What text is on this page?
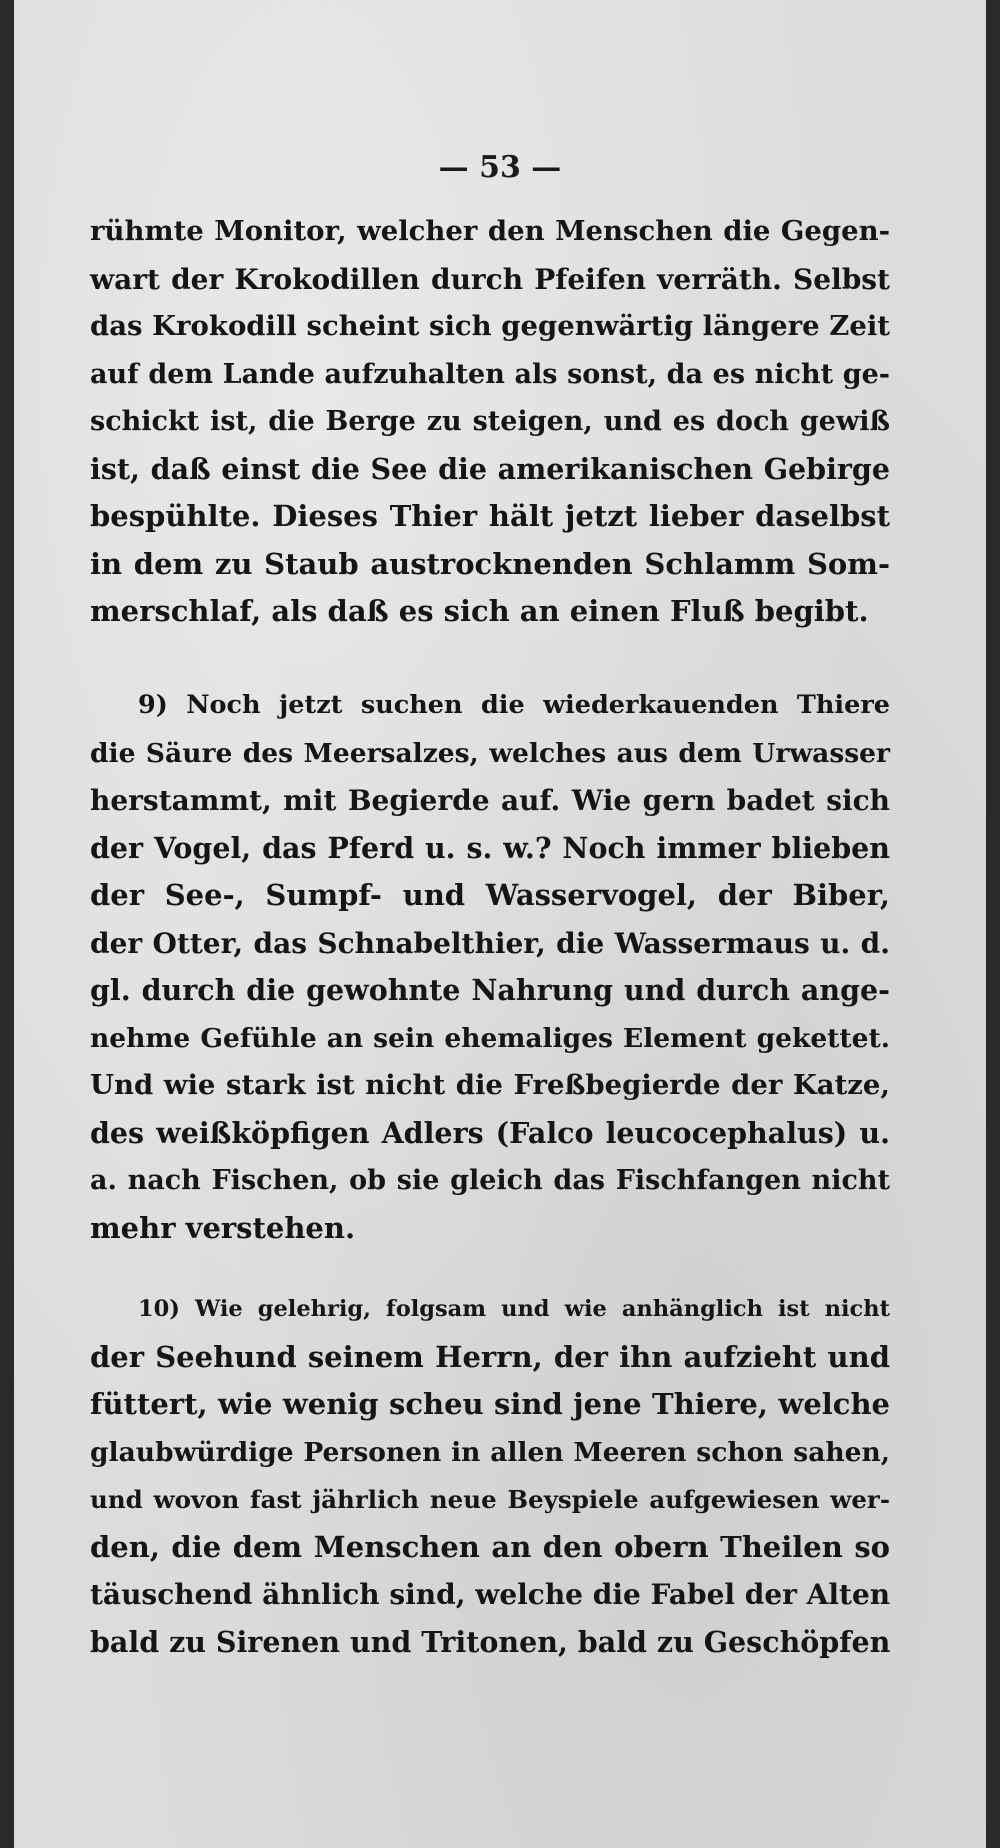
— 53 —
rühmte Monitor, welcher den Menschen die Gegen-
wart der Krokodillen durch Pfeifen verräth. Selbst
das Krokodill scheint sich gegenwärtig längere Zeit
auf dem Lande aufzuhalten als sonst, da es nicht ge-
schickt ist, die Berge zu steigen, und es doch gewiß
ist, daß einst die See die amerikanischen Gebirge
bespühlte. Dieses Thier hält jetzt lieber daselbst
in dem zu Staub austrocknenden Schlamm Som-
merschlaf, als daß es sich an einen Fluß begibt.
9) Noch jetzt suchen die wiederkauenden Thiere
die Säure des Meersalzes, welches aus dem Urwasser
herstammt, mit Begierde auf. Wie gern badet sich
der Vogel, das Pferd u. s. w.? Noch immer blieben
der See-, Sumpf- und Wasservogel, der Biber,
der Otter, das Schnabelthier, die Wassermaus u. d.
gl. durch die gewohnte Nahrung und durch ange-
nehme Gefühle an sein ehemaliges Element gekettet.
Und wie stark ist nicht die Freßbegierde der Katze,
des weißköpfigen Adlers (Falco leucocephalus) u.
a. nach Fischen, ob sie gleich das Fischfangen nicht
mehr verstehen.
10) Wie gelehrig, folgsam und wie anhänglich ist nicht
der Seehund seinem Herrn, der ihn aufzieht und
füttert, wie wenig scheu sind jene Thiere, welche
glaubwürdige Personen in allen Meeren schon sahen,
und wovon fast jährlich neue Beyspiele aufgewiesen wer-
den, die dem Menschen an den obern Theilen so
täuschend ähnlich sind, welche die Fabel der Alten
bald zu Sirenen und Tritonen, bald zu Geschöpfen
